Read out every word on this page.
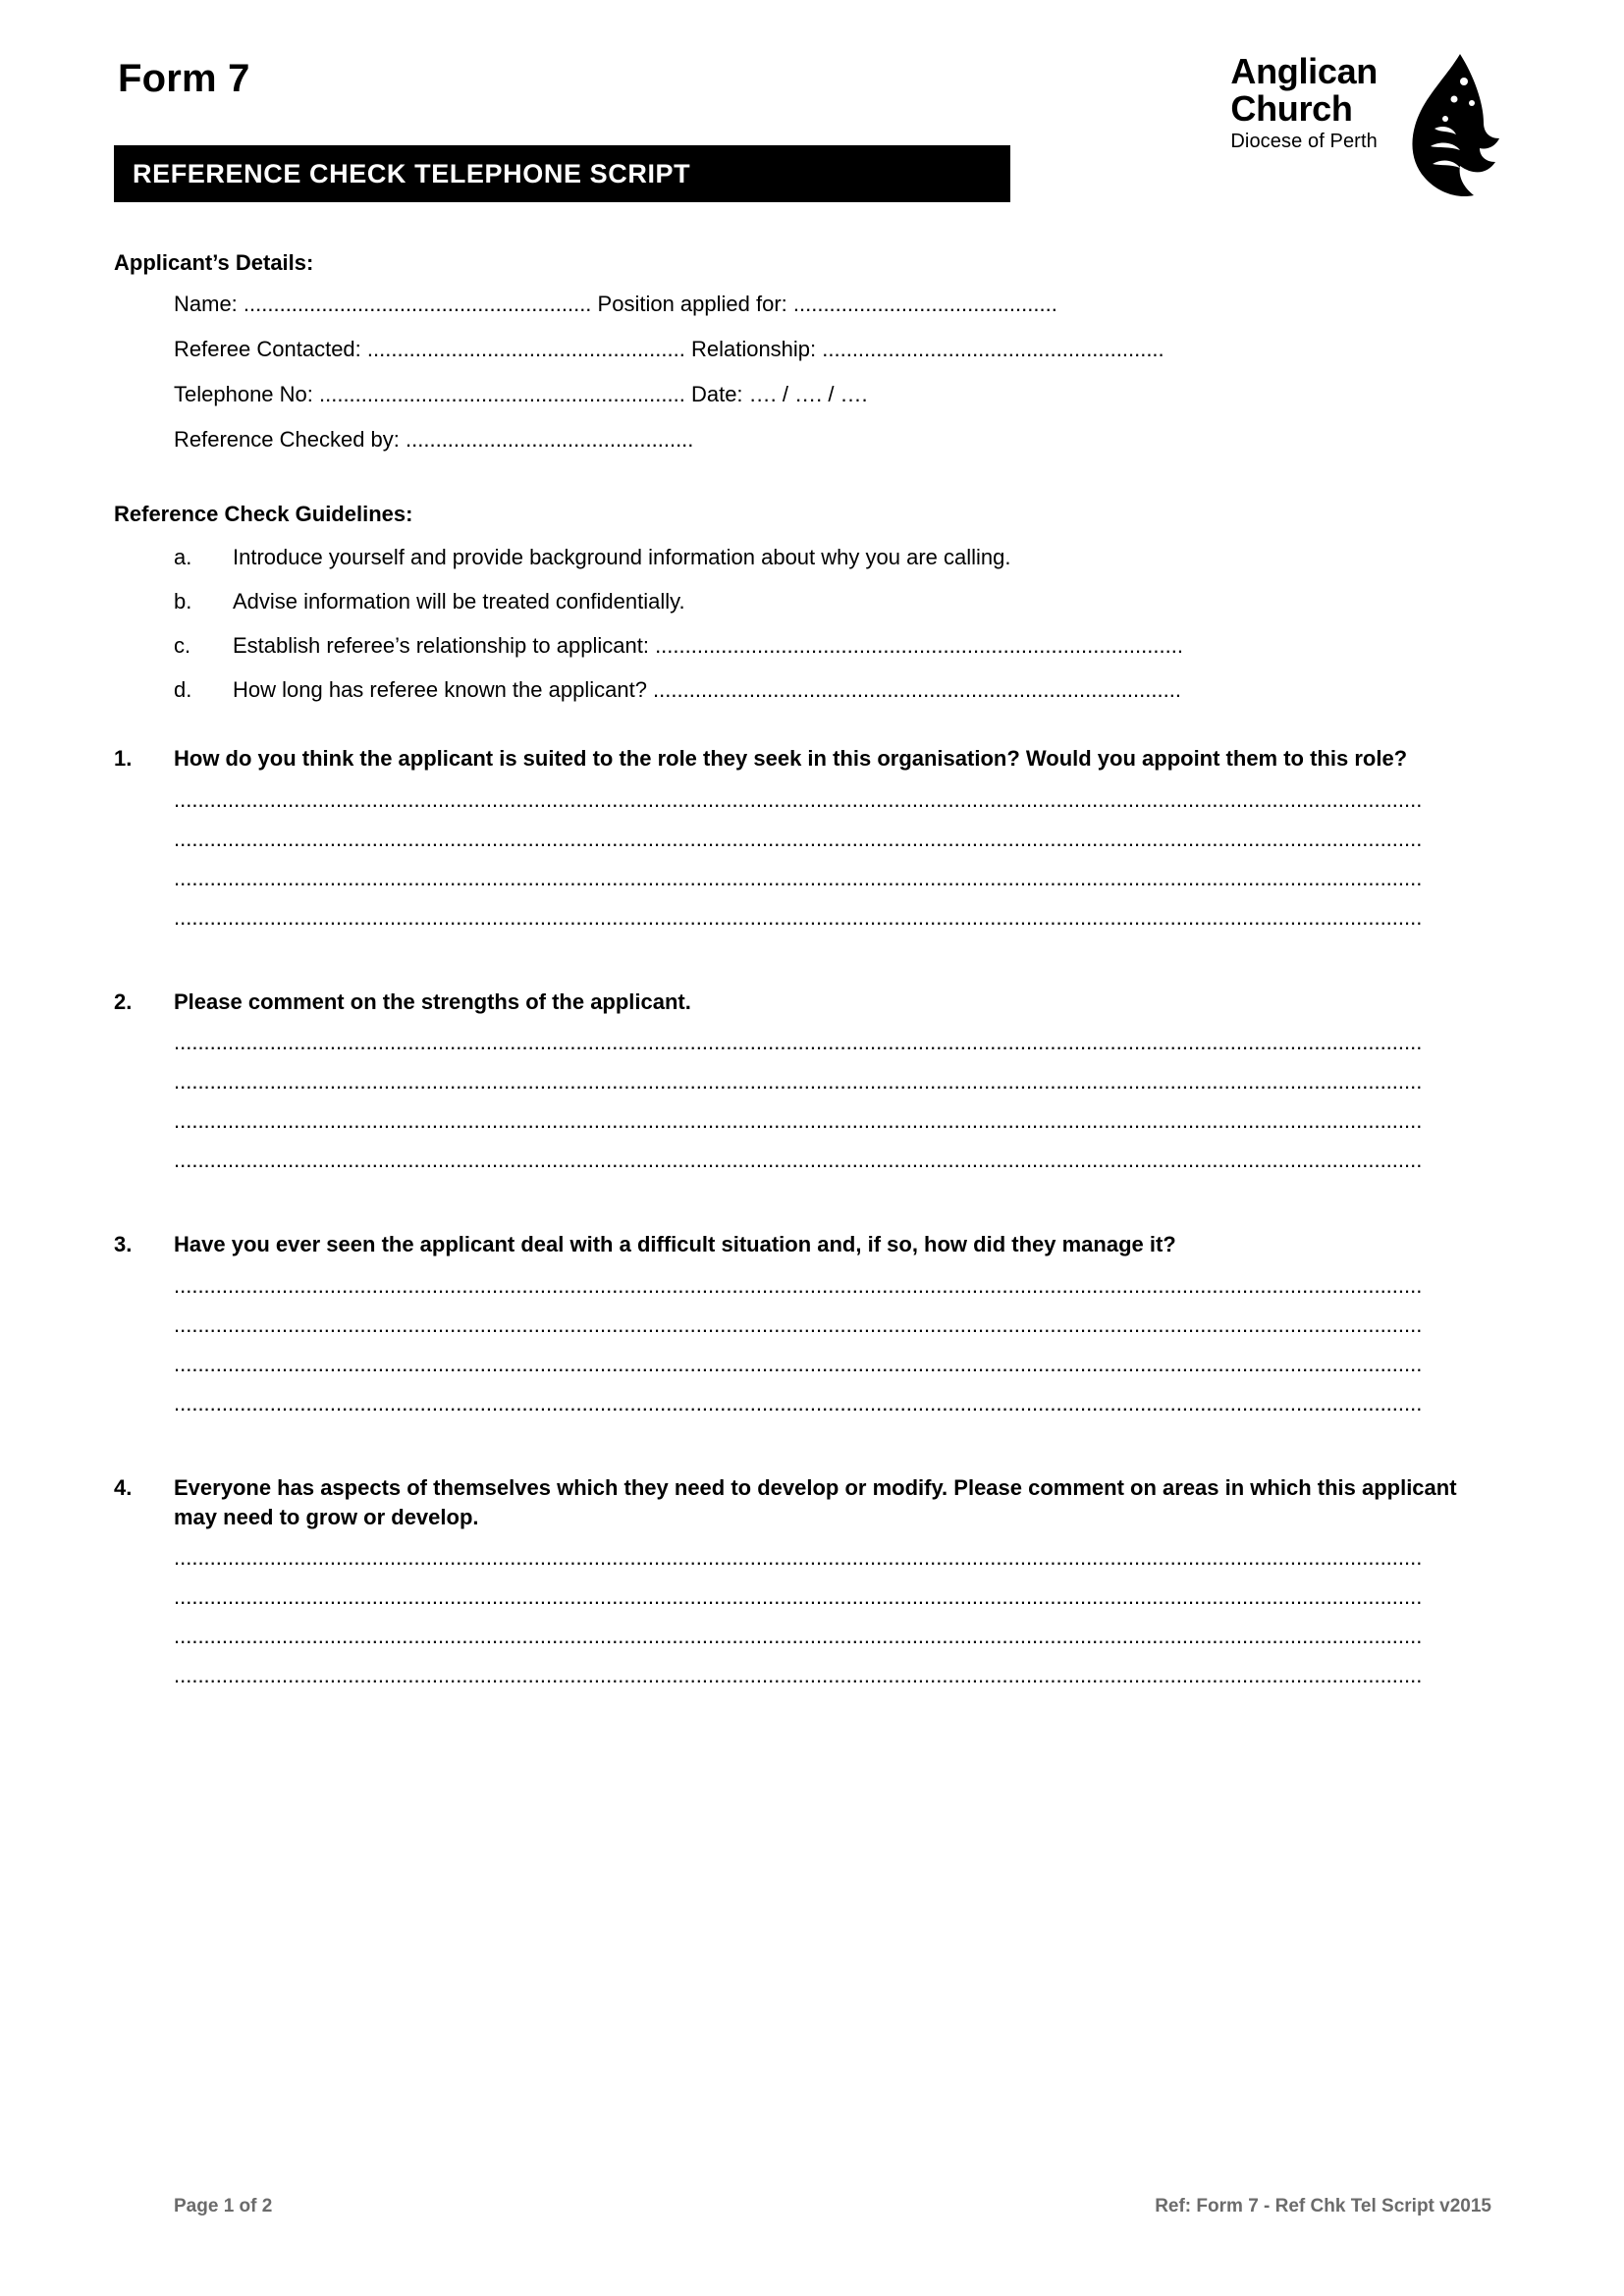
Form 7
REFERENCE CHECK TELEPHONE SCRIPT
Anglican
Church
Diocese of Perth
Applicant’s Details:
Name: .......................................................... Position applied for: ............................................
Referee Contacted: ..................................................... Relationship: .........................................................
Telephone No: ............................................................. Date: …. / …. / ….
Reference Checked by: ................................................
Reference Check Guidelines:
a.	Introduce yourself and provide background information about why you are calling.
b.	Advise information will be treated confidentially.
c.	Establish referee’s relationship to applicant: ........................................................................................
d.	How long has referee known the applicant? ........................................................................................
1.	How do you think the applicant is suited to the role they seek in this organisation? Would you appoint them to this role?
................................................................................................................................................................................................................
................................................................................................................................................................................................................
................................................................................................................................................................................................................
................................................................................................................................................................................................................
2.	Please comment on the strengths of the applicant.
................................................................................................................................................................................................................
................................................................................................................................................................................................................
................................................................................................................................................................................................................
................................................................................................................................................................................................................
3.	Have you ever seen the applicant deal with a difficult situation and, if so, how did they manage it?
................................................................................................................................................................................................................
................................................................................................................................................................................................................
................................................................................................................................................................................................................
................................................................................................................................................................................................................
4.	Everyone has aspects of themselves which they need to develop or modify. Please comment on areas in which this applicant may need to grow or develop.
................................................................................................................................................................................................................
................................................................................................................................................................................................................
................................................................................................................................................................................................................
................................................................................................................................................................................................................
Page 1 of 2	Ref: Form 7 - Ref Chk Tel Script v2015
